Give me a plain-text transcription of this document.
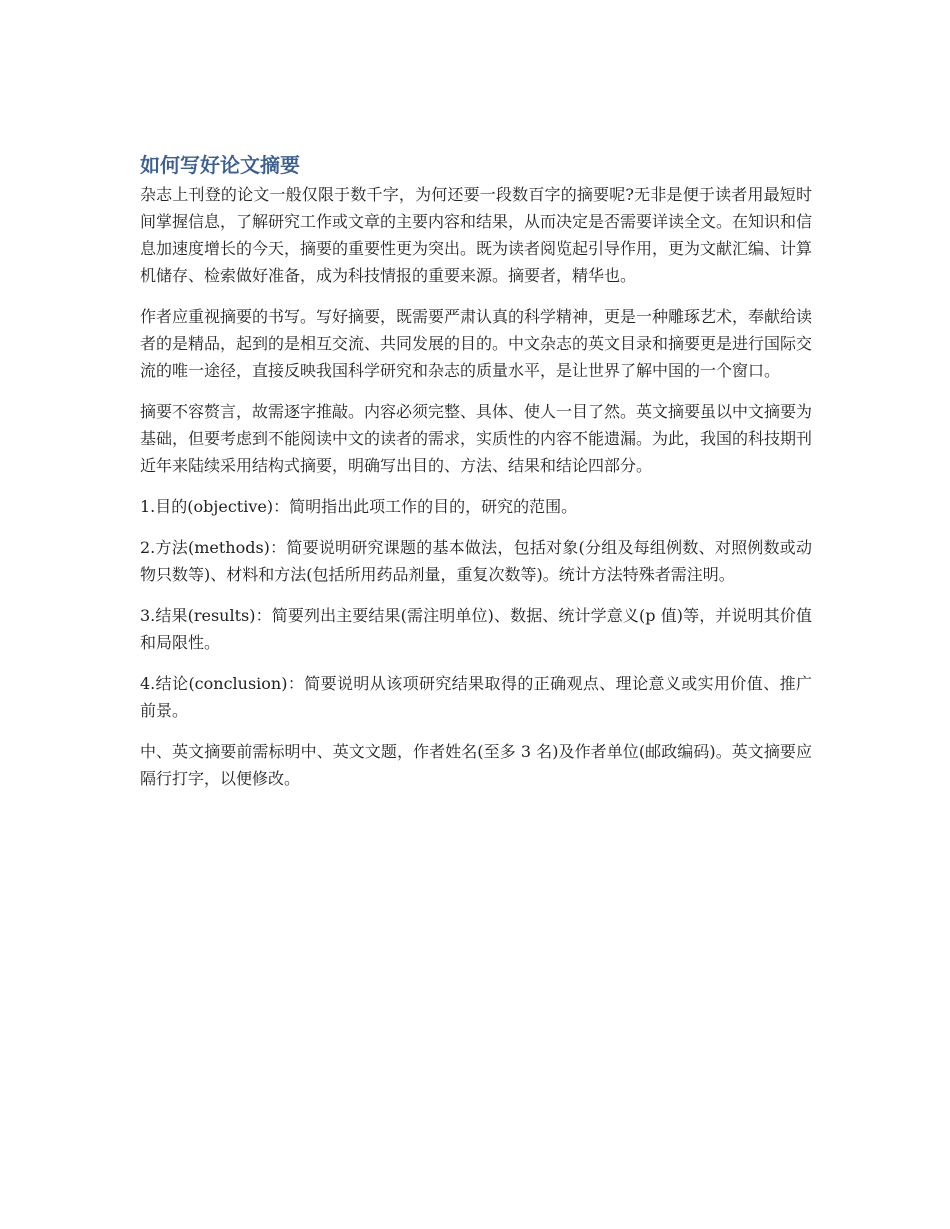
如何写好论文摘要

杂志上刊登的论文一般仅限于数千字，为何还要一段数百字的摘要呢?无非是便于读者用最短时间掌握信息，了解研究工作或文章的主要内容和结果，从而决定是否需要详读全文。在知识和信息加速度增长的今天，摘要的重要性更为突出。既为读者阅览起引导作用，更为文献汇编、计算机储存、检索做好准备，成为科技情报的重要来源。摘要者，精华也。

作者应重视摘要的书写。写好摘要，既需要严肃认真的科学精神，更是一种雕琢艺术，奉献给读者的是精品，起到的是相互交流、共同发展的目的。中文杂志的英文目录和摘要更是进行国际交流的唯一途径，直接反映我国科学研究和杂志的质量水平，是让世界了解中国的一个窗口。

摘要不容赘言，故需逐字推敲。内容必须完整、具体、使人一目了然。英文摘要虽以中文摘要为基础，但要考虑到不能阅读中文的读者的需求，实质性的内容不能遗漏。为此，我国的科技期刊近年来陆续采用结构式摘要，明确写出目的、方法、结果和结论四部分。

1.目的(objective)：简明指出此项工作的目的，研究的范围。

2.方法(methods)：简要说明研究课题的基本做法，包括对象(分组及每组例数、对照例数或动物只数等)、材料和方法(包括所用药品剂量，重复次数等)。统计方法特殊者需注明。

3.结果(results)：简要列出主要结果(需注明单位)、数据、统计学意义(p 值)等，并说明其价值和局限性。

4.结论(conclusion)：简要说明从该项研究结果取得的正确观点、理论意义或实用价值、推广前景。

中、英文摘要前需标明中、英文文题，作者姓名(至多 3 名)及作者单位(邮政编码)。英文摘要应隔行打字，以便修改。
